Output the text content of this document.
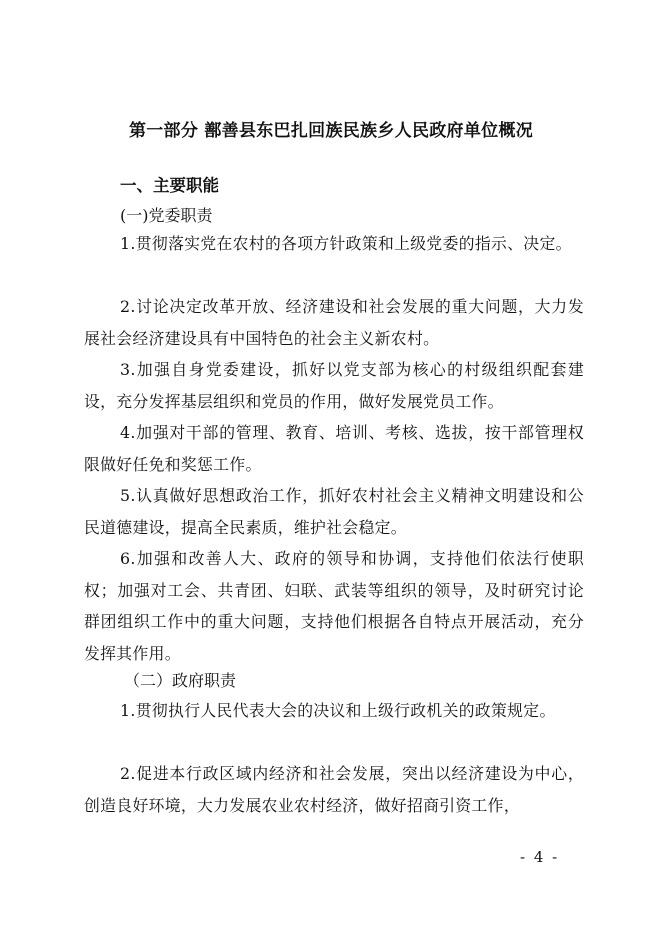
第一部分 鄯善县东巴扎回族民族乡人民政府单位概况
一、主要职能
(一)党委职责

1.贯彻落实党在农村的各项方针政策和上级党委的指示、决定。

2.讨论决定改革开放、经济建设和社会发展的重大问题，大力发展社会经济建设具有中国特色的社会主义新农村。

3.加强自身党委建设，抓好以党支部为核心的村级组织配套建设，充分发挥基层组织和党员的作用，做好发展党员工作。

4.加强对干部的管理、教育、培训、考核、选拔，按干部管理权限做好任免和奖惩工作。

5.认真做好思想政治工作，抓好农村社会主义精神文明建设和公民道德建设，提高全民素质，维护社会稳定。

6.加强和改善人大、政府的领导和协调，支持他们依法行使职权；加强对工会、共青团、妇联、武装等组织的领导，及时研究讨论群团组织工作中的重大问题，支持他们根据各自特点开展活动，充分发挥其作用。

（二）政府职责

1.贯彻执行人民代表大会的决议和上级行政机关的政策规定。

2.促进本行政区域内经济和社会发展，突出以经济建设为中心，创造良好环境，大力发展农业农村经济，做好招商引资工作，

- 4 -
